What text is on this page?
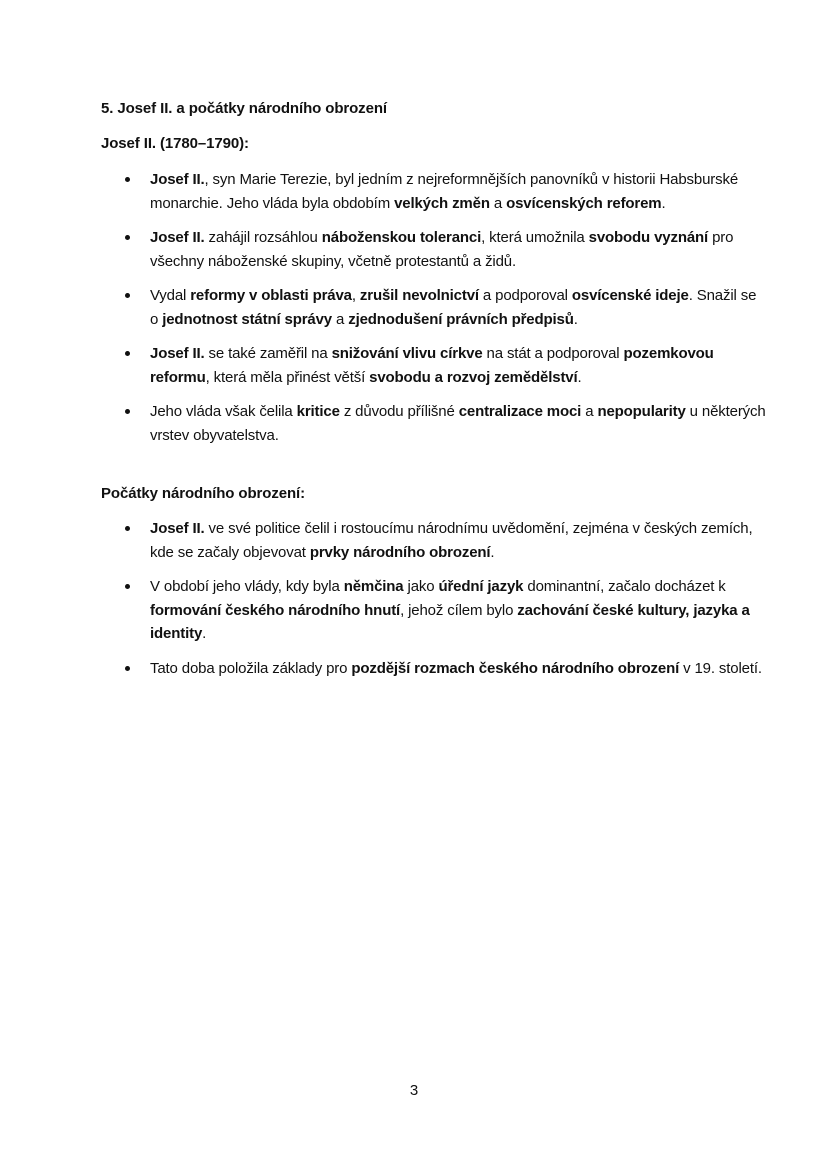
5. Josef II. a počátky národního obrození
Josef II. (1780–1790):
Josef II., syn Marie Terezie, byl jedním z nejreformnějších panovníků v historii Habsburské monarchie. Jeho vláda byla obdobím velkých změn a osvícenských reforem.
Josef II. zahájil rozsáhlou náboženskou toleranci, která umožnila svobodu vyznání pro všechny náboženské skupiny, včetně protestantů a židů.
Vydal reformy v oblasti práva, zrušil nevolnictví a podporoval osvícenské ideje. Snažil se o jednotnost státní správy a zjednodušení právních předpisů.
Josef II. se také zaměřil na snižování vlivu církve na stát a podporoval pozemkovou reformu, která měla přinést větší svobodu a rozvoj zemědělství.
Jeho vláda však čelila kritice z důvodu přílišné centralizace moci a nepopularity u některých vrstev obyvatelstva.
Počátky národního obrození:
Josef II. ve své politice čelil i rostoucímu národnímu uvědomění, zejména v českých zemích, kde se začaly objevovat prvky národního obrození.
V období jeho vlády, kdy byla němčina jako úřední jazyk dominantní, začalo docházet k formování českého národního hnutí, jehož cílem bylo zachování české kultury, jazyka a identity.
Tato doba položila základy pro pozdější rozmach českého národního obrození v 19. století.
3
